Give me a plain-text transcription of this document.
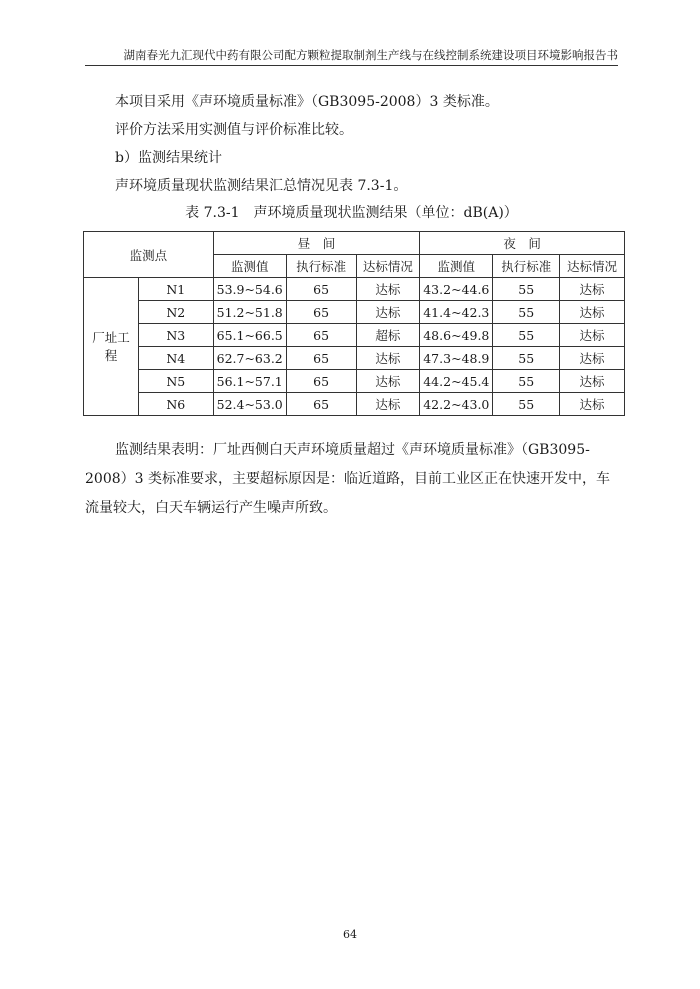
湖南春光九汇现代中药有限公司配方颗粒提取制剂生产线与在线控制系统建设项目环境影响报告书
本项目采用《声环境质量标准》（GB3095-2008）3 类标准。
评价方法采用实测值与评价标准比较。
b）监测结果统计
声环境质量现状监测结果汇总情况见表 7.3-1。
表 7.3-1　声环境质量现状监测结果（单位：dB(A)）
监测点		昼　间			夜　间		
		监测值	执行标准	达标情况	监测值	执行标准	达标情况
厂址工程	N1	53.9~54.6	65	达标	43.2~44.6	55	达标
	N2	51.2~51.8	65	达标	41.4~42.3	55	达标
	N3	65.1~66.5	65	超标	48.6~49.8	55	达标
	N4	62.7~63.2	65	达标	47.3~48.9	55	达标
	N5	56.1~57.1	65	达标	44.2~45.4	55	达标
	N6	52.4~53.0	65	达标	42.2~43.0	55	达标
监测结果表明：厂址西侧白天声环境质量超过《声环境质量标准》（GB3095-2008）3 类标准要求，主要超标原因是：临近道路，目前工业区正在快速开发中，车流量较大，白天车辆运行产生噪声所致。
64
